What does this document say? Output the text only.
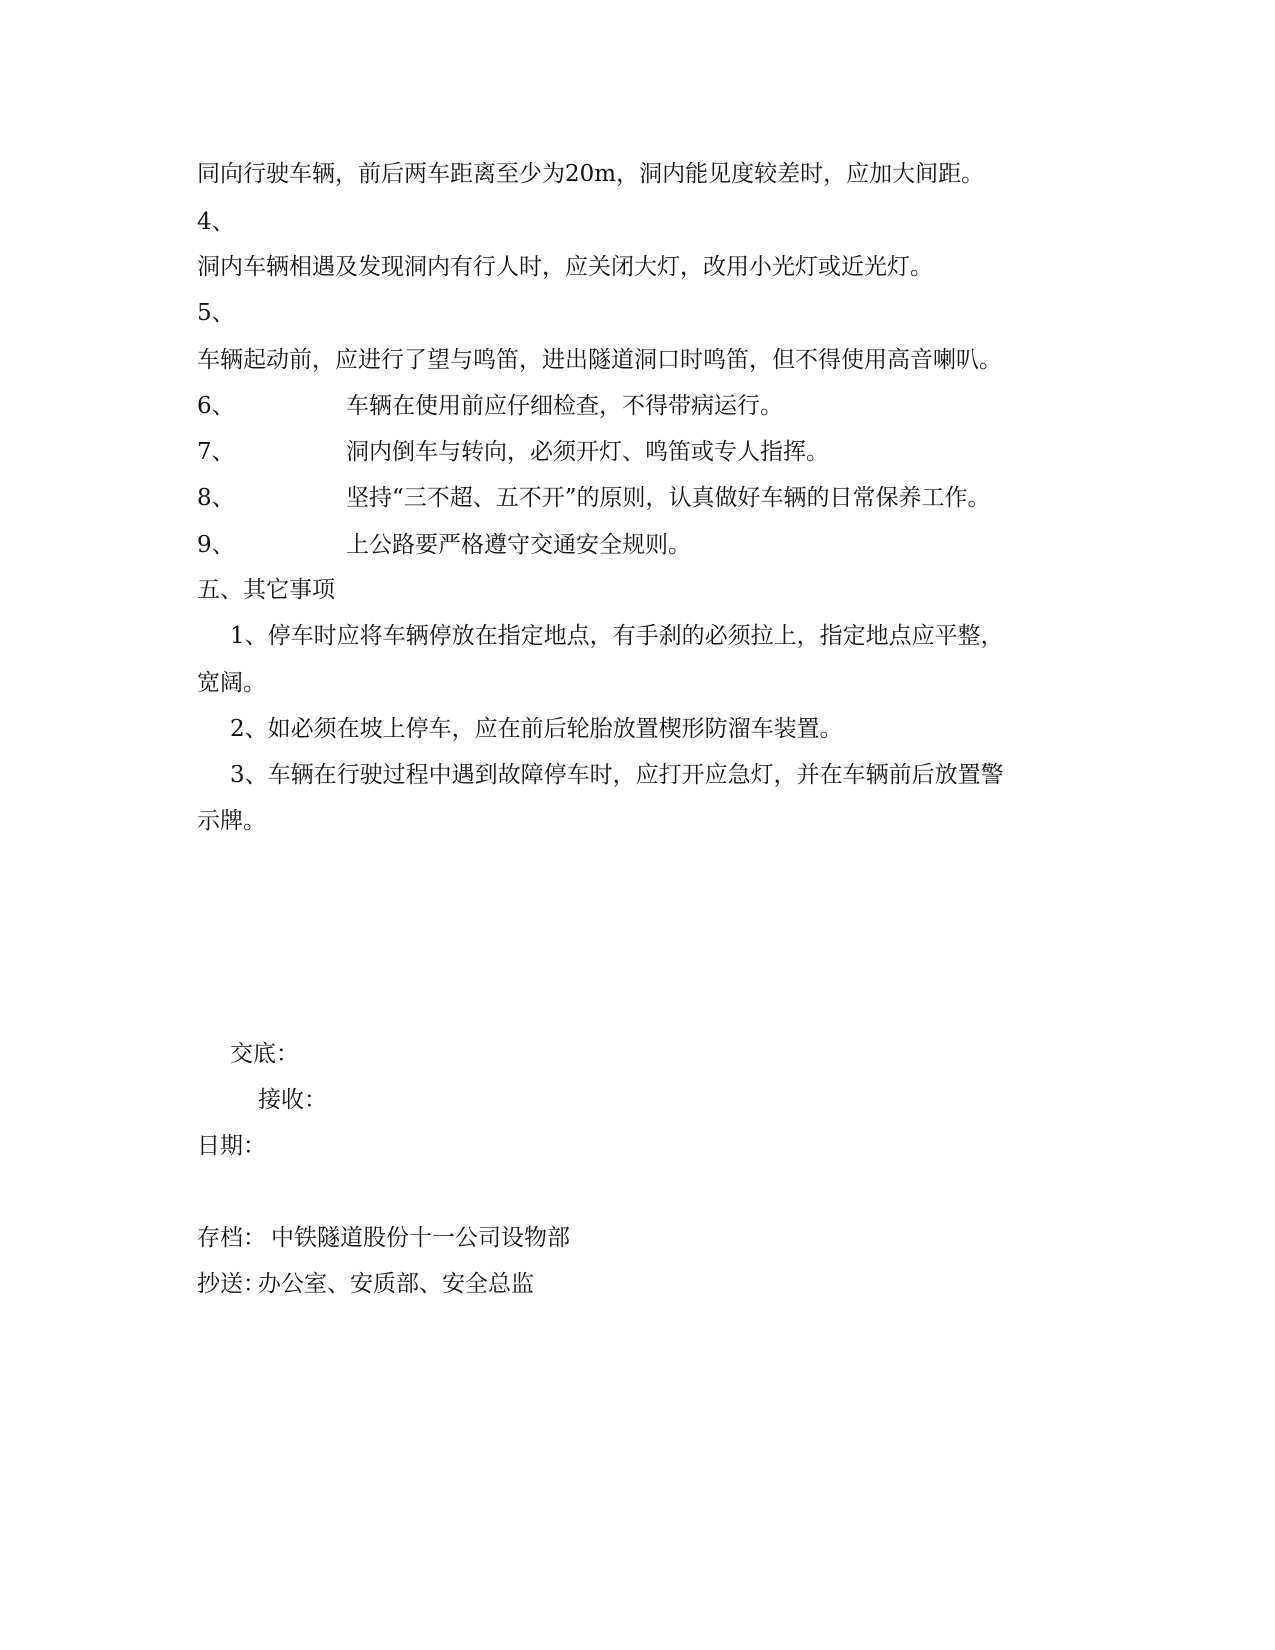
同向行驶车辆，前后两车距离至少为20m，洞内能见度较差时，应加大间距。
4、
洞内车辆相遇及发现洞内有行人时，应关闭大灯，改用小光灯或近光灯。
5、
车辆起动前，应进行了望与鸣笛，进出隧道洞口时鸣笛，但不得使用高音喇叭。
6、	车辆在使用前应仔细检查，不得带病运行。
7、	洞内倒车与转向，必须开灯、鸣笛或专人指挥。
8、	坚持“三不超、五不开”的原则，认真做好车辆的日常保养工作。
9、	上公路要严格遵守交通安全规则。
五、其它事项
1、停车时应将车辆停放在指定地点，有手刹的必须拉上，指定地点应平整，
宽阔。
2、如必须在坡上停车，应在前后轮胎放置楔形防溜车装置。
3、车辆在行驶过程中遇到故障停车时，应打开应急灯，并在车辆前后放置警
示牌。
交底：
接收：
日期：
存档： 中铁隧道股份十一公司设物部
抄送：
办公室、安质部、安全总监
